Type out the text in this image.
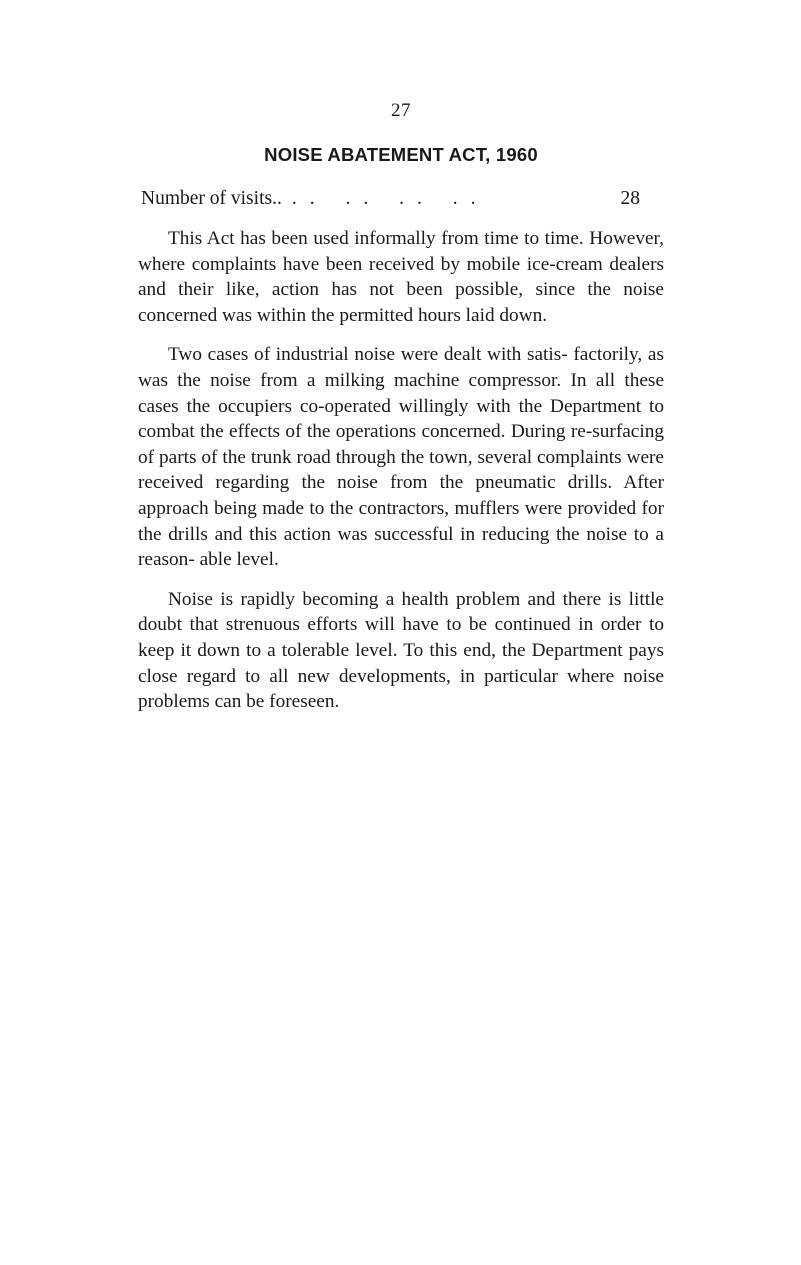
27
NOISE ABATEMENT ACT, 1960
Number of visits.. .. .. .. ..	28

This Act has been used informally from time to time. However, where complaints have been received by mobile ice-cream dealers and their like, action has not been possible, since the noise concerned was within the permitted hours laid down.

Two cases of industrial noise were dealt with satis- factorily, as was the noise from a milking machine compressor. In all these cases the occupiers co-operated willingly with the Department to combat the effects of the operations concerned. During re-surfacing of parts of the trunk road through the town, several complaints were received regarding the noise from the pneumatic drills. After approach being made to the contractors, mufflers were provided for the drills and this action was successful in reducing the noise to a reason- able level.

Noise is rapidly becoming a health problem and there is little doubt that strenuous efforts will have to be continued in order to keep it down to a tolerable level. To this end, the Department pays close regard to all new developments, in particular where noise problems can be foreseen.
